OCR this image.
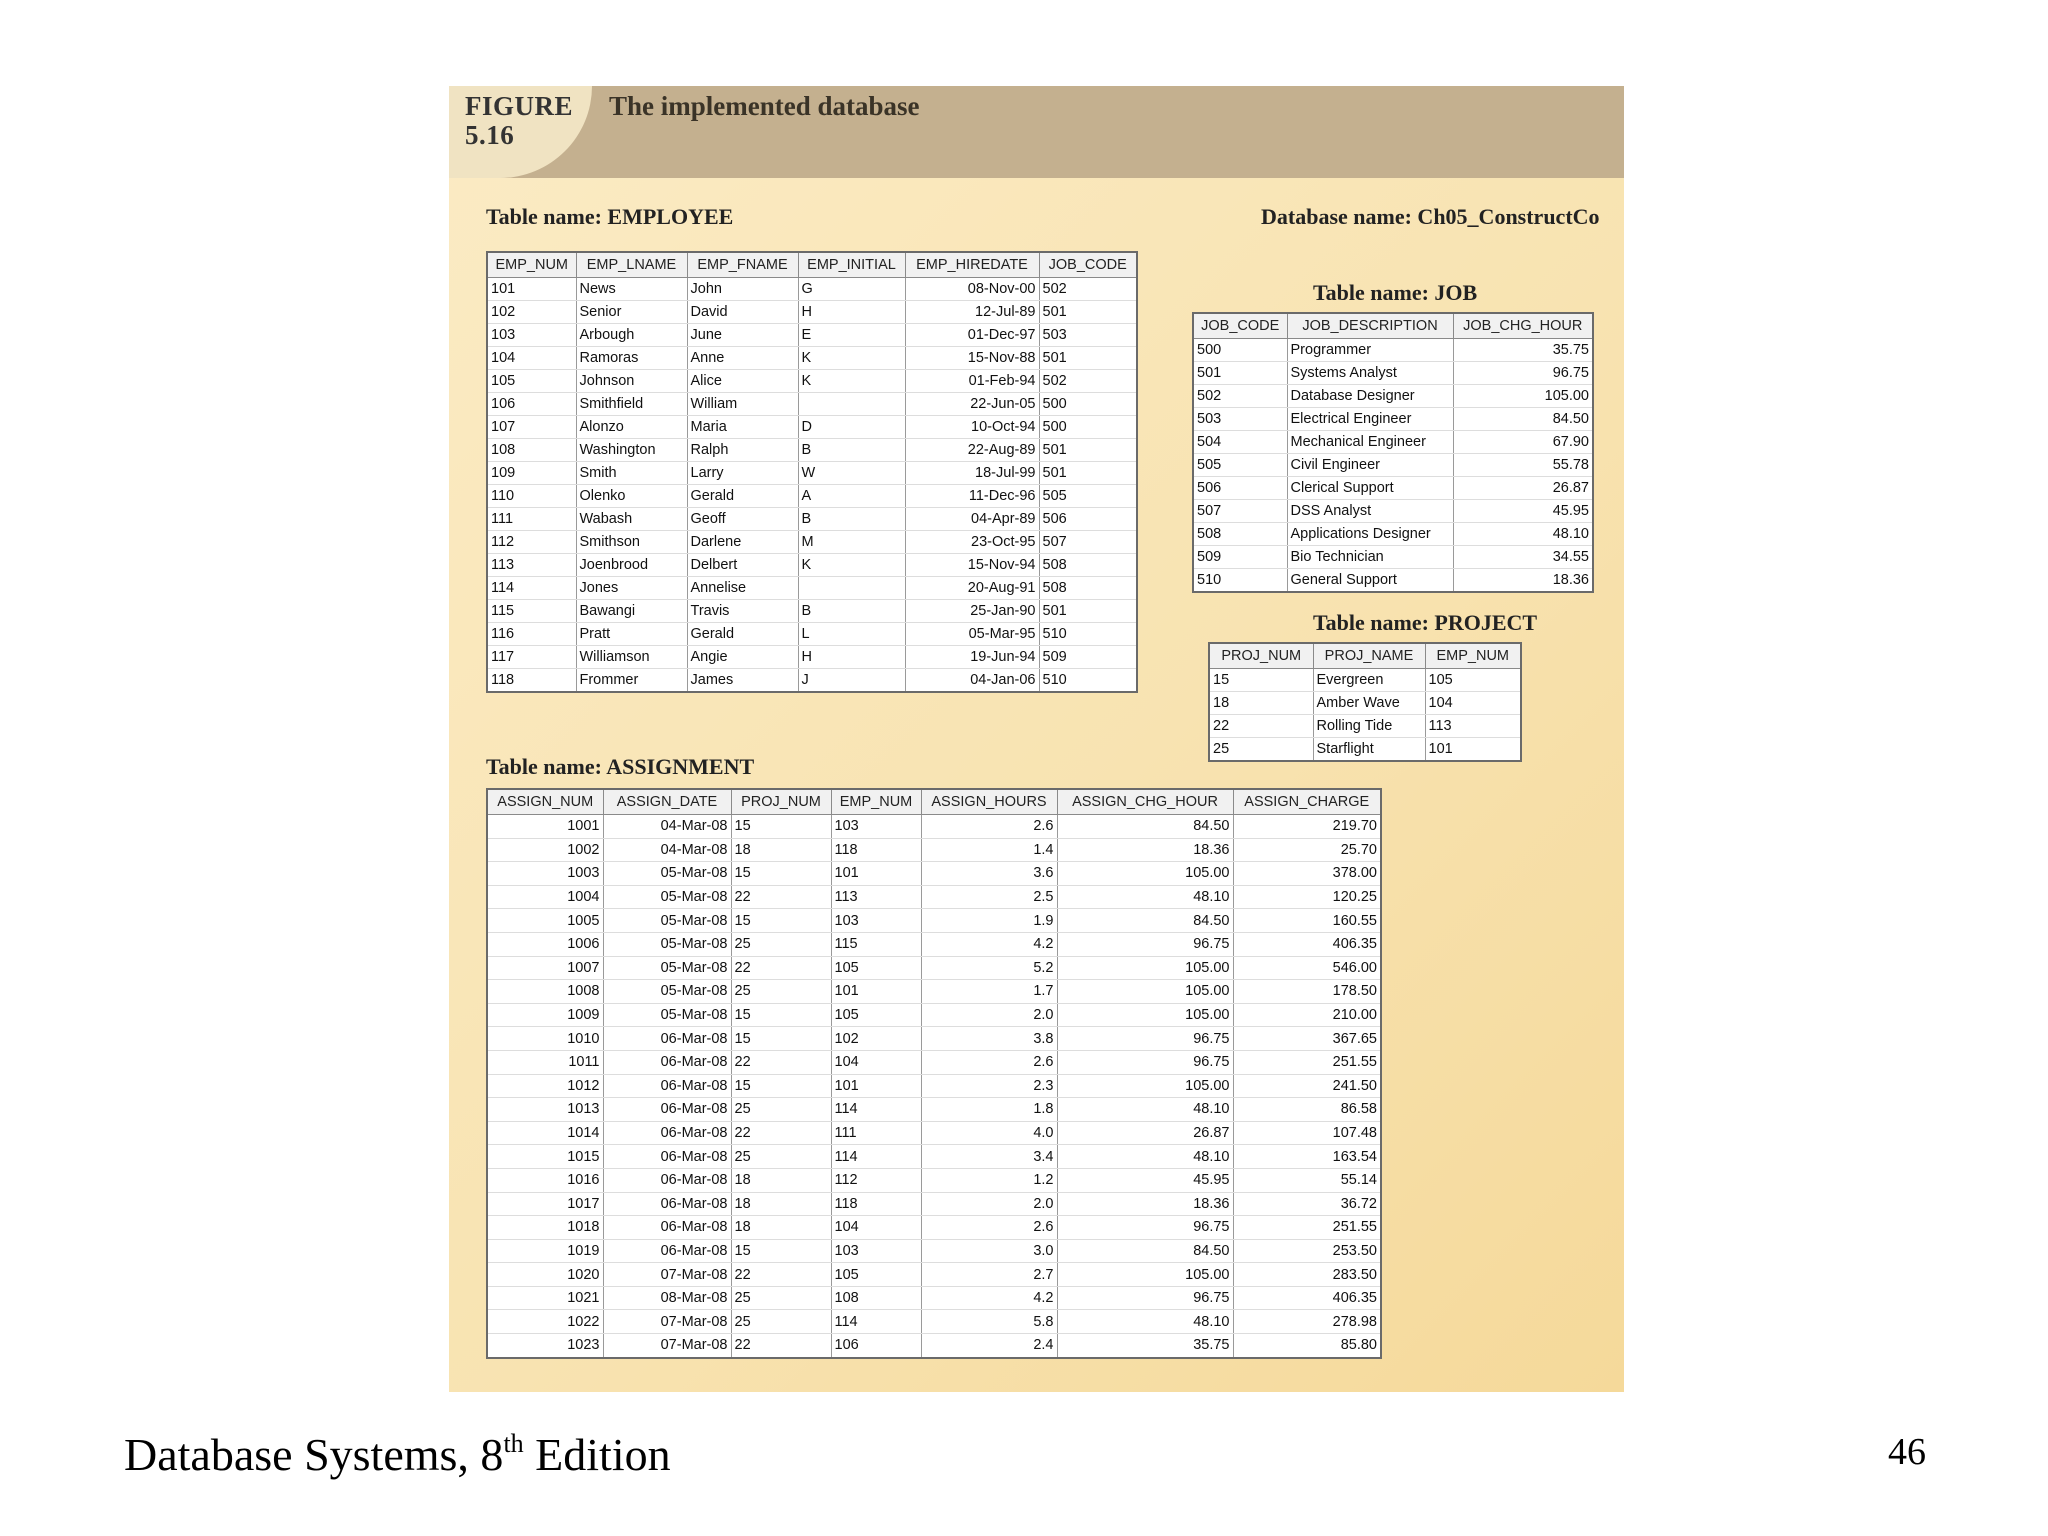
FIGURE
5.16
The implemented database
Table name: EMPLOYEE	Database name: Ch05_ConstructCo
Table name: JOB
Table name: PROJECT
Table name: ASSIGNMENT
EMP_NUM	EMP_LNAME	EMP_FNAME	EMP_INITIAL	EMP_HIREDATE	JOB_CODE
101	News	John	G	08-Nov-00	502
102	Senior	David	H	12-Jul-89	501
103	Arbough	June	E	01-Dec-97	503
104	Ramoras	Anne	K	15-Nov-88	501
105	Johnson	Alice	K	01-Feb-94	502
106	Smithfield	William		22-Jun-05	500
107	Alonzo	Maria	D	10-Oct-94	500
108	Washington	Ralph	B	22-Aug-89	501
109	Smith	Larry	W	18-Jul-99	501
110	Olenko	Gerald	A	11-Dec-96	505
111	Wabash	Geoff	B	04-Apr-89	506
112	Smithson	Darlene	M	23-Oct-95	507
113	Joenbrood	Delbert	K	15-Nov-94	508
114	Jones	Annelise		20-Aug-91	508
115	Bawangi	Travis	B	25-Jan-90	501
116	Pratt	Gerald	L	05-Mar-95	510
117	Williamson	Angie	H	19-Jun-94	509
118	Frommer	James	J	04-Jan-06	510
JOB_CODE	JOB_DESCRIPTION	JOB_CHG_HOUR
500	Programmer	35.75
501	Systems Analyst	96.75
502	Database Designer	105.00
503	Electrical Engineer	84.50
504	Mechanical Engineer	67.90
505	Civil Engineer	55.78
506	Clerical Support	26.87
507	DSS Analyst	45.95
508	Applications Designer	48.10
509	Bio Technician	34.55
510	General Support	18.36
PROJ_NUM	PROJ_NAME	EMP_NUM
15	Evergreen	105
18	Amber Wave	104
22	Rolling Tide	113
25	Starflight	101
ASSIGN_NUM	ASSIGN_DATE	PROJ_NUM	EMP_NUM	ASSIGN_HOURS	ASSIGN_CHG_HOUR	ASSIGN_CHARGE
1001	04-Mar-08	15	103	2.6	84.50	219.70
1002	04-Mar-08	18	118	1.4	18.36	25.70
1003	05-Mar-08	15	101	3.6	105.00	378.00
1004	05-Mar-08	22	113	2.5	48.10	120.25
1005	05-Mar-08	15	103	1.9	84.50	160.55
1006	05-Mar-08	25	115	4.2	96.75	406.35
1007	05-Mar-08	22	105	5.2	105.00	546.00
1008	05-Mar-08	25	101	1.7	105.00	178.50
1009	05-Mar-08	15	105	2.0	105.00	210.00
1010	06-Mar-08	15	102	3.8	96.75	367.65
1011	06-Mar-08	22	104	2.6	96.75	251.55
1012	06-Mar-08	15	101	2.3	105.00	241.50
1013	06-Mar-08	25	114	1.8	48.10	86.58
1014	06-Mar-08	22	111	4.0	26.87	107.48
1015	06-Mar-08	25	114	3.4	48.10	163.54
1016	06-Mar-08	18	112	1.2	45.95	55.14
1017	06-Mar-08	18	118	2.0	18.36	36.72
1018	06-Mar-08	18	104	2.6	96.75	251.55
1019	06-Mar-08	15	103	3.0	84.50	253.50
1020	07-Mar-08	22	105	2.7	105.00	283.50
1021	08-Mar-08	25	108	4.2	96.75	406.35
1022	07-Mar-08	25	114	5.8	48.10	278.98
1023	07-Mar-08	22	106	2.4	35.75	85.80
Database Systems, 8th Edition	46
